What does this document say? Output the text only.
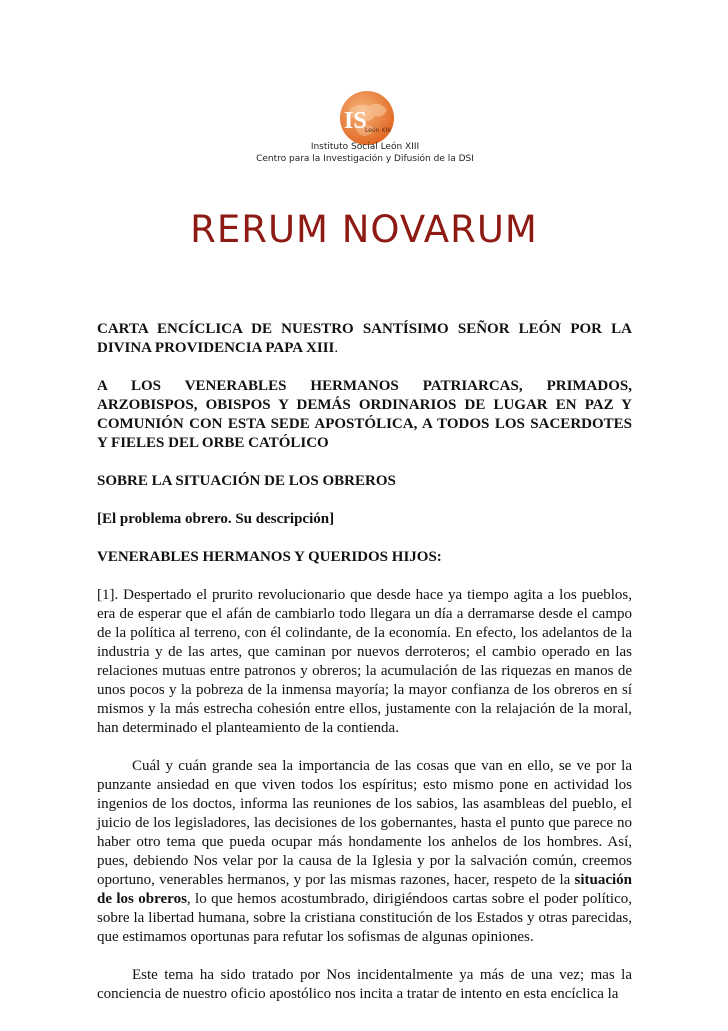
IS
León XIII
Instituto Social León XIII
Centro para la Investigación y Difusión de la DSI
RERUM NOVARUM

CARTA ENCÍCLICA DE NUESTRO SANTÍSIMO SEÑOR LEÓN POR LA DIVINA PROVIDENCIA PAPA XIII.

A LOS VENERABLES HERMANOS PATRIARCAS, PRIMADOS, ARZOBISPOS, OBISPOS Y DEMÁS ORDINARIOS DE LUGAR EN PAZ Y COMUNIÓN CON ESTA SEDE APOSTÓLICA, A TODOS LOS SACERDOTES Y FIELES DEL ORBE CATÓLICO

SOBRE LA SITUACIÓN DE LOS OBREROS

[El problema obrero. Su descripción]

VENERABLES HERMANOS Y QUERIDOS HIJOS:

[1]. Despertado el prurito revolucionario que desde hace ya tiempo agita a los pueblos, era de esperar que el afán de cambiarlo todo llegara un día a derramarse desde el campo de la política al terreno, con él colindante, de la economía. En efecto, los adelantos de la industria y de las artes, que caminan por nuevos derroteros; el cambio operado en las relaciones mutuas entre patronos y obreros; la acumulación de las riquezas en manos de unos pocos y la pobreza de la inmensa mayoría; la mayor confianza de los obreros en sí mismos y la más estrecha cohesión entre ellos, justamente con la relajación de la moral, han determinado el planteamiento de la contienda.

Cuál y cuán grande sea la importancia de las cosas que van en ello, se ve por la punzante ansiedad en que viven todos los espíritus; esto mismo pone en actividad los ingenios de los doctos, informa las reuniones de los sabios, las asambleas del pueblo, el juicio de los legisladores, las decisiones de los gobernantes, hasta el punto que parece no haber otro tema que pueda ocupar más hondamente los anhelos de los hombres. Así, pues, debiendo Nos velar por la causa de la Iglesia y por la salvación común, creemos oportuno, venerables hermanos, y por las mismas razones, hacer, respeto de la situación de los obreros, lo que hemos acostumbrado, dirigiéndoos cartas sobre el poder político, sobre la libertad humana, sobre la cristiana constitución de los Estados y otras parecidas, que estimamos oportunas para refutar los sofismas de algunas opiniones.

Este tema ha sido tratado por Nos incidentalmente ya más de una vez; mas la conciencia de nuestro oficio apostólico nos incita a tratar de intento en esta encíclica la
